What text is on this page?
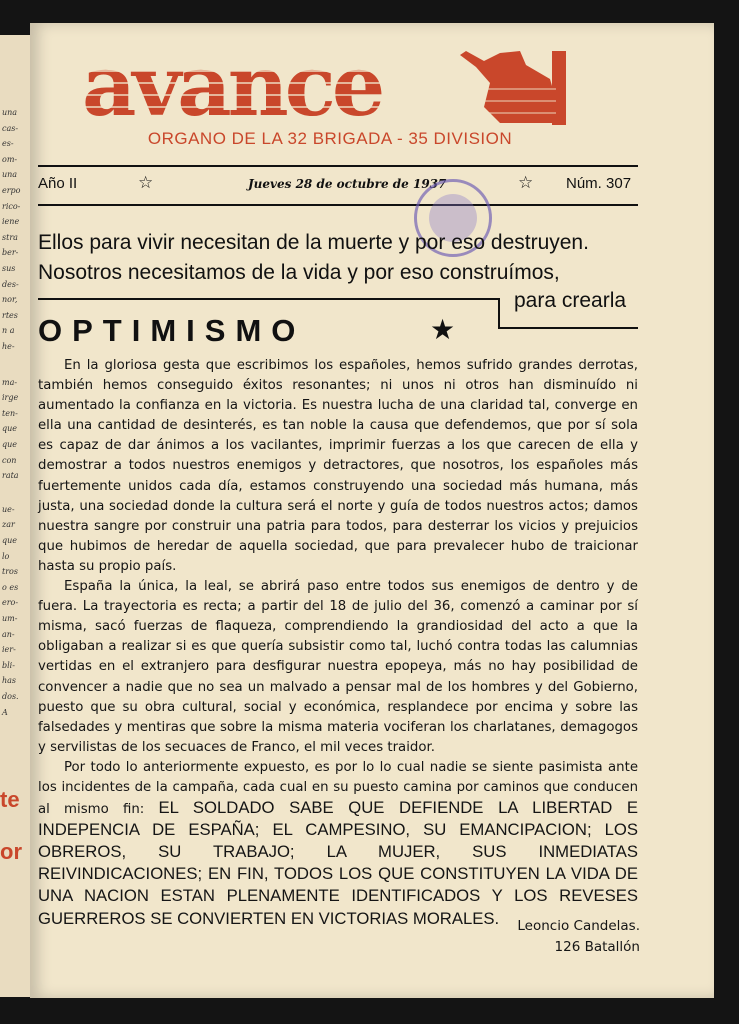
una
cas-
es-
om-
una
erpo
rico-
iene
stra
ber-
sus
des-
nor,
rtes
n a
he-
ma-
irge
ten-
que
que
con
rata
ue-
zar
que
lo
tros
o es
ero-
um-
an-
ier-
bli-
has
dos.
A
te
or
avance
ORGANO DE LA 32 BRIGADA - 35 DIVISION
Año II	☆	Jueves 28 de octubre de 1937	☆ Núm. 307
Ellos para vivir necesitan de la muerte y por eso destruyen.
Nosotros necesitamos de la vida y por eso construímos,
para crearla
OPTIMISMO	★

En la gloriosa gesta que escribimos los españoles, hemos sufrido grandes derrotas, también hemos conseguido éxitos resonantes; ni unos ni otros han disminuído ni aumentado la confianza en la victoria. Es nuestra lucha de una claridad tal, converge en ella una cantidad de desinterés, es tan noble la causa que defendemos, que por sí sola es capaz de dar ánimos a los vacilantes, imprimir fuerzas a los que carecen de ella y demostrar a todos nuestros enemigos y detractores, que nosotros, los españoles más fuertemente unidos cada día, estamos construyendo una sociedad más humana, más justa, una sociedad donde la cultura será el norte y guía de todos nuestros actos; damos nuestra sangre por construir una patria para todos, para desterrar los vicios y prejuicios que hubimos de heredar de aquella sociedad, que para prevalecer hubo de traicionar hasta su propio país.

España la única, la leal, se abrirá paso entre todos sus enemigos de dentro y de fuera. La trayectoria es recta; a partir del 18 de julio del 36, comenzó a caminar por sí misma, sacó fuerzas de flaqueza, comprendiendo la grandiosidad del acto a que la obligaban a realizar si es que quería subsistir como tal, luchó contra todas las calumnias vertidas en el extranjero para desfigurar nuestra epopeya, más no hay posibilidad de convencer a nadie que no sea un malvado a pensar mal de los hombres y del Gobierno, puesto que su obra cultural, social y económica, resplandece por encima y sobre las falsedades y mentiras que sobre la misma materia vociferan los charlatanes, demagogos y servilistas de los secuaces de Franco, el mil veces traidor.

Por todo lo anteriormente expuesto, es por lo lo cual nadie se siente pasimista ante los incidentes de la campaña, cada cual en su puesto camina por caminos que conducen al mismo fin: EL SOLDADO SABE QUE DEFIENDE LA LIBERTAD E INDEPENCIA DE ESPAÑA; EL CAMPESINO, SU EMANCIPACION; LOS OBREROS, SU TRABAJO; LA MUJER, SUS INMEDIATAS REIVINDICACIONES; EN FIN, TODOS LOS QUE CONSTITUYEN LA VIDA DE UNA NACION ESTAN PLENAMENTE IDENTIFICADOS Y LOS REVESES GUERREROS SE CONVIERTEN EN VICTORIAS MORALES.	Leoncio Candelas.
126 Batallón
